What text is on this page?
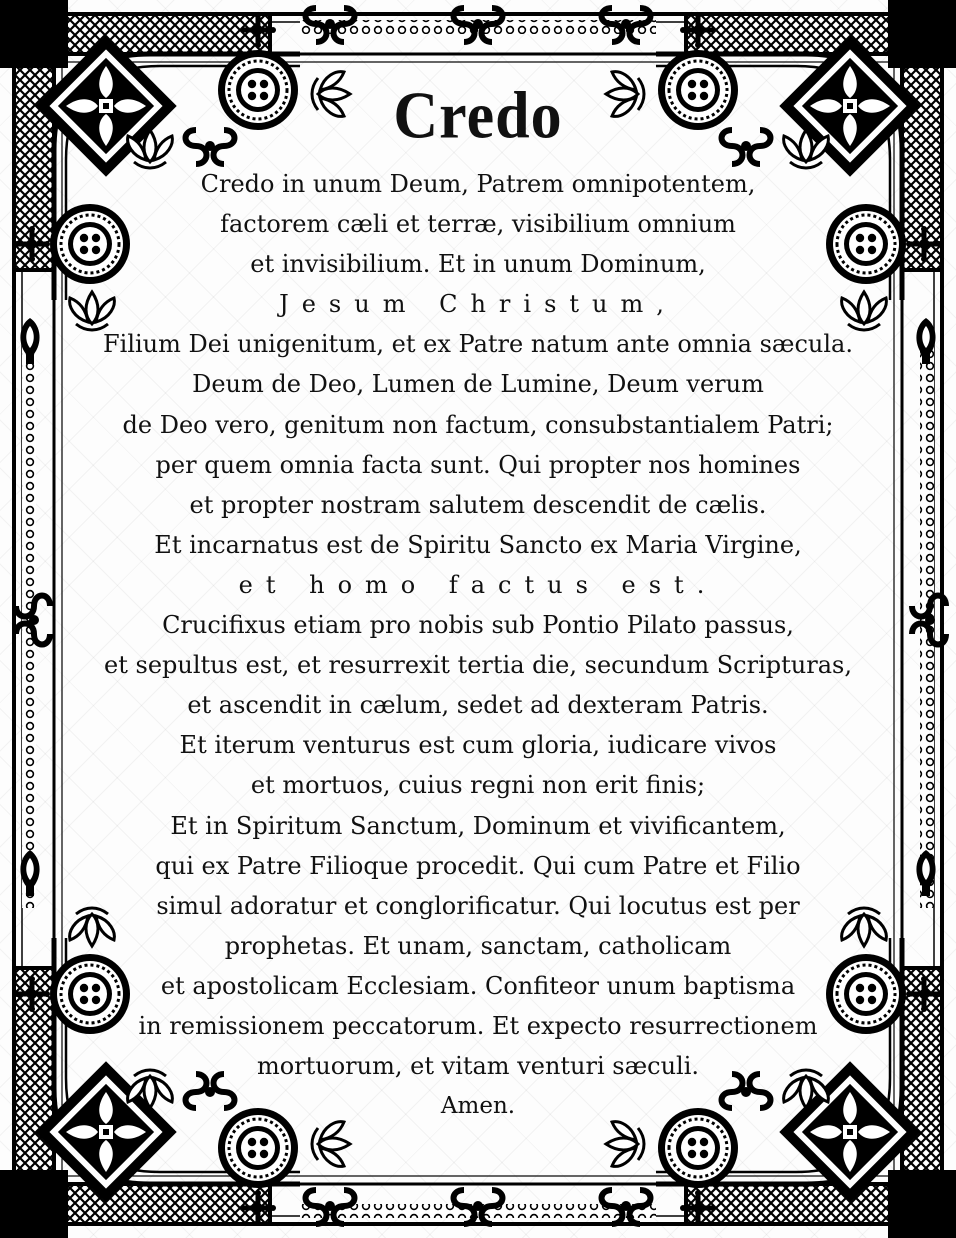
Credo
Credo in unum Deum, Patrem omnipotentem,
factorem cæli et terræ, visibilium omnium
et invisibilium. Et in unum Dominum,
Jesum Christum,
Filium Dei unigenitum, et ex Patre natum ante omnia sæcula.
Deum de Deo, Lumen de Lumine, Deum verum
de Deo vero, genitum non factum, consubstantialem Patri;
per quem omnia facta sunt. Qui propter nos homines
et propter nostram salutem descendit de cælis.
Et incarnatus est de Spiritu Sancto ex Maria Virgine,
et homo factus est.
Crucifixus etiam pro nobis sub Pontio Pilato passus,
et sepultus est, et resurrexit tertia die, secundum Scripturas,
et ascendit in cælum, sedet ad dexteram Patris.
Et iterum venturus est cum gloria, iudicare vivos
et mortuos, cuius regni non erit finis;
Et in Spiritum Sanctum, Dominum et vivificantem,
qui ex Patre Filioque procedit. Qui cum Patre et Filio
simul adoratur et conglorificatur. Qui locutus est per
prophetas. Et unam, sanctam, catholicam
et apostolicam Ecclesiam. Confiteor unum baptisma
in remissionem peccatorum. Et expecto resurrectionem
mortuorum, et vitam venturi sæculi.
Amen.
